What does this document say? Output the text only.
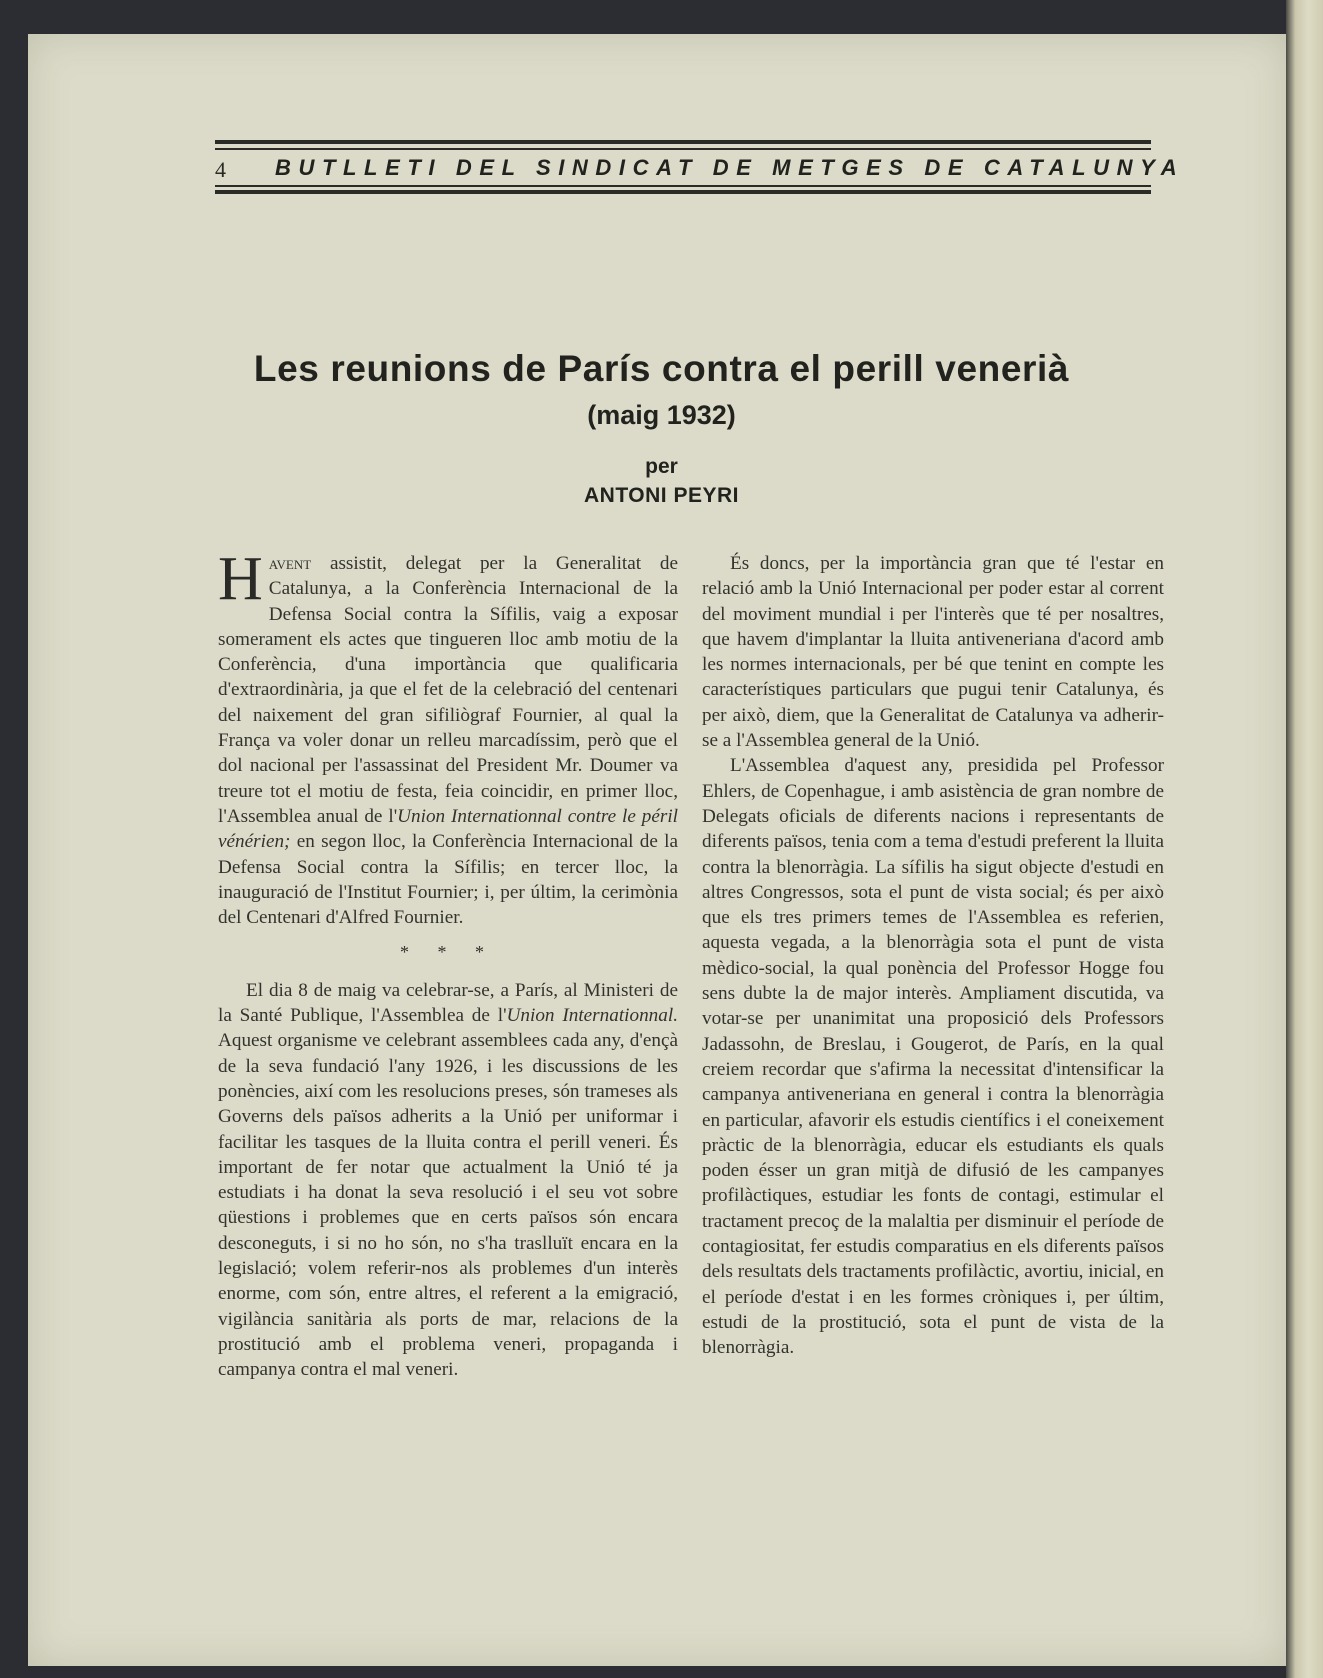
4 BUTLLETI DEL SINDICAT DE METGES DE CATALUNYA
Les reunions de París contra el perill venerià
(maig 1932)
per
ANTONI PEYRI

Havent assistit, delegat per la Generalitat de Catalunya, a la Conferència Internacional de la Defensa Social contra la Sífilis, vaig a exposar somerament els actes que tingueren lloc amb motiu de la Conferència, d'una importància que qualificaria d'extraordinària, ja que el fet de la celebració del centenari del naixement del gran sifiliògraf Fournier, al qual la França va voler donar un relleu marcadíssim, però que el dol nacional per l'assassinat del President Mr. Doumer va treure tot el motiu de festa, feia coincidir, en primer lloc, l'Assemblea anual de l'Union Internationnal contre le péril vénérien; en segon lloc, la Conferència Internacional de la Defensa Social contra la Sífilis; en tercer lloc, la inauguració de l'Institut Fournier; i, per últim, la cerimònia del Centenari d'Alfred Fournier.

* * *

El dia 8 de maig va celebrar-se, a París, al Ministeri de la Santé Publique, l'Assemblea de l'Union Internationnal. Aquest organisme ve celebrant assemblees cada any, d'ençà de la seva fundació l'any 1926, i les discussions de les ponències, així com les resolucions preses, són trameses als Governs dels països adherits a la Unió per uniformar i facilitar les tasques de la lluita contra el perill veneri. És important de fer notar que actualment la Unió té ja estudiats i ha donat la seva resolució i el seu vot sobre qüestions i problemes que en certs països són encara desconeguts, i si no ho són, no s'ha traslluït encara en la legislació; volem referir-nos als problemes d'un interès enorme, com són, entre altres, el referent a la emigració, vigilància sanitària als ports de mar, relacions de la prostitució amb el problema veneri, propaganda i campanya contra el mal veneri.

És doncs, per la importància gran que té l'estar en relació amb la Unió Internacional per poder estar al corrent del moviment mundial i per l'interès que té per nosaltres, que havem d'implantar la lluita antiveneriana d'acord amb les normes internacionals, per bé que tenint en compte les característiques particulars que pugui tenir Catalunya, és per això, diem, que la Generalitat de Catalunya va adherir-se a l'Assemblea general de la Unió.

L'Assemblea d'aquest any, presidida pel Professor Ehlers, de Copenhague, i amb asistència de gran nombre de Delegats oficials de diferents nacions i representants de diferents països, tenia com a tema d'estudi preferent la lluita contra la blenorràgia. La sífilis ha sigut objecte d'estudi en altres Congressos, sota el punt de vista social; és per això que els tres primers temes de l'Assemblea es referien, aquesta vegada, a la blenorràgia sota el punt de vista mèdico-social, la qual ponència del Professor Hogge fou sens dubte la de major interès. Ampliament discutida, va votar-se per unanimitat una proposició dels Professors Jadassohn, de Breslau, i Gougerot, de París, en la qual creiem recordar que s'afirma la necessitat d'intensificar la campanya antiveneriana en general i contra la blenorràgia en particular, afavorir els estudis científics i el coneixement pràctic de la blenorràgia, educar els estudiants els quals poden ésser un gran mitjà de difusió de les campanyes profilàctiques, estudiar les fonts de contagi, estimular el tractament precoç de la malaltia per disminuir el període de contagiositat, fer estudis comparatius en els diferents països dels resultats dels tractaments profilàctic, avortiu, inicial, en el període d'estat i en les formes cròniques i, per últim, estudi de la prostitució, sota el punt de vista de la blenorràgia.
